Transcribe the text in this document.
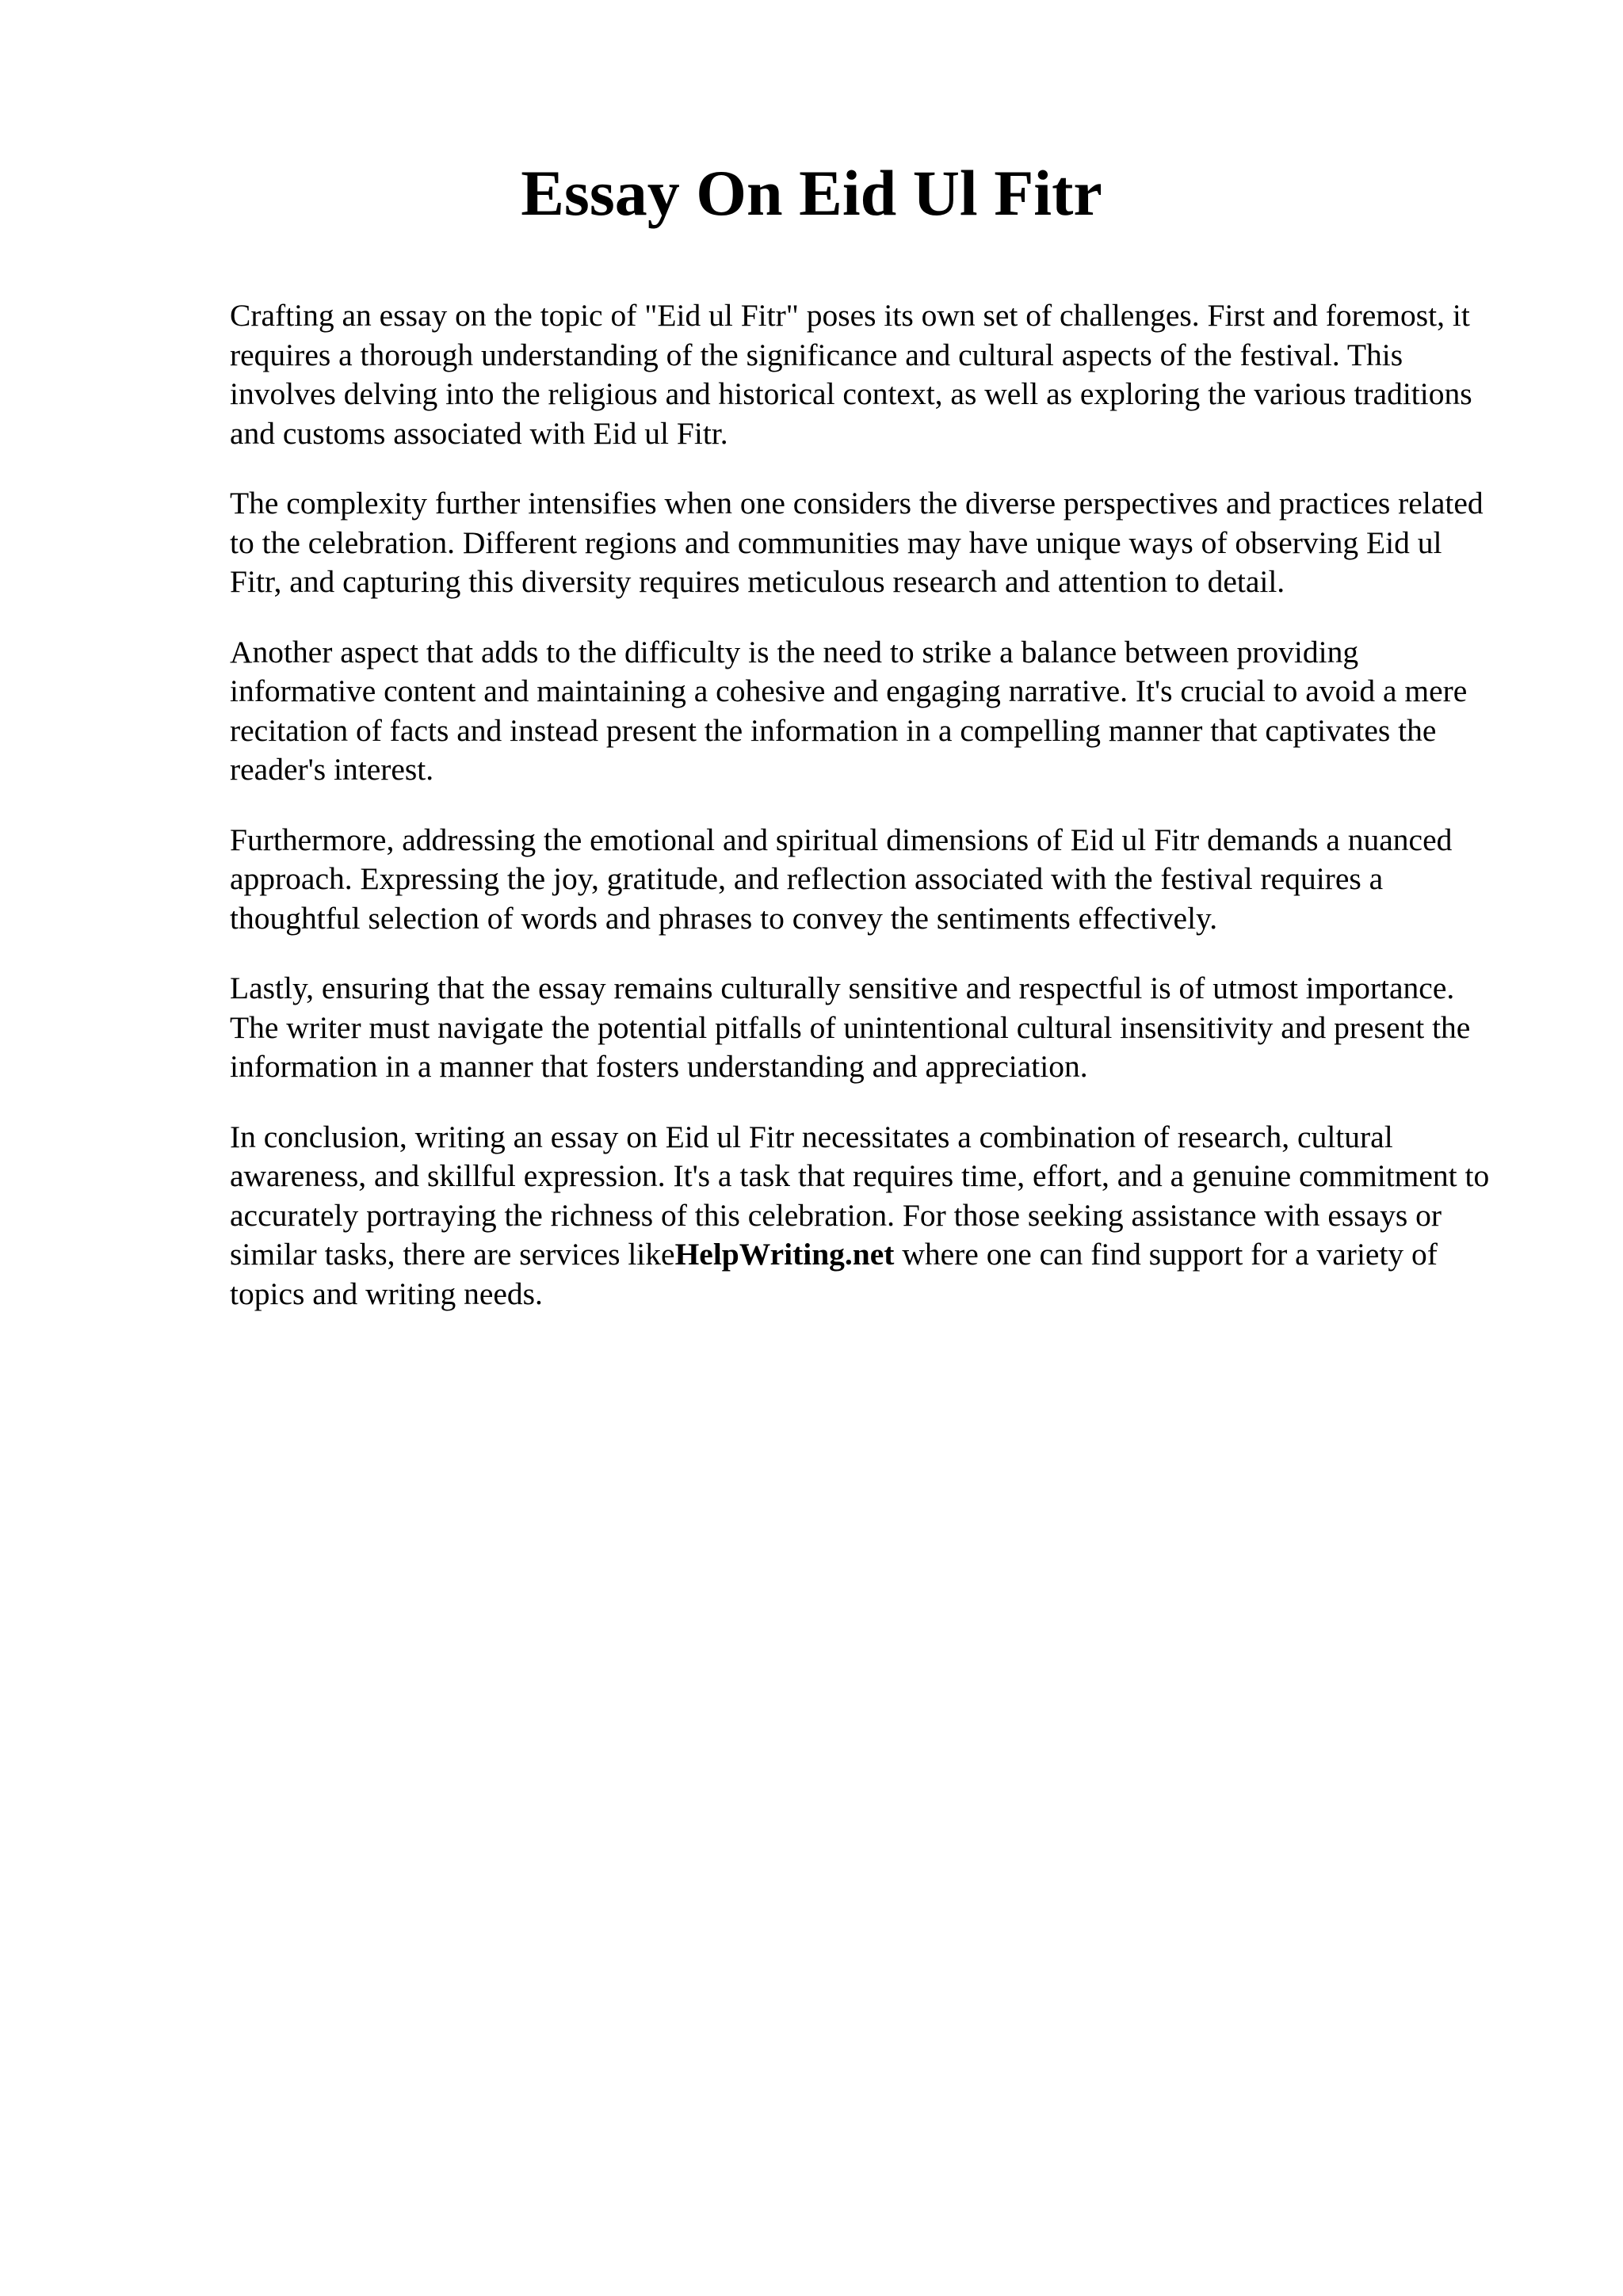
Essay On Eid Ul Fitr

Crafting an essay on the topic of "Eid ul Fitr" poses its own set of challenges. First and foremost, it requires a thorough understanding of the significance and cultural aspects of the festival. This involves delving into the religious and historical context, as well as exploring the various traditions and customs associated with Eid ul Fitr.

The complexity further intensifies when one considers the diverse perspectives and practices related to the celebration. Different regions and communities may have unique ways of observing Eid ul Fitr, and capturing this diversity requires meticulous research and attention to detail.

Another aspect that adds to the difficulty is the need to strike a balance between providing informative content and maintaining a cohesive and engaging narrative. It's crucial to avoid a mere recitation of facts and instead present the information in a compelling manner that captivates the reader's interest.

Furthermore, addressing the emotional and spiritual dimensions of Eid ul Fitr demands a nuanced approach. Expressing the joy, gratitude, and reflection associated with the festival requires a thoughtful selection of words and phrases to convey the sentiments effectively.

Lastly, ensuring that the essay remains culturally sensitive and respectful is of utmost importance. The writer must navigate the potential pitfalls of unintentional cultural insensitivity and present the information in a manner that fosters understanding and appreciation.

In conclusion, writing an essay on Eid ul Fitr necessitates a combination of research, cultural awareness, and skillful expression. It's a task that requires time, effort, and a genuine commitment to accurately portraying the richness of this celebration. For those seeking assistance with essays or similar tasks, there are services likeHelpWriting.net where one can find support for a variety of topics and writing needs.
